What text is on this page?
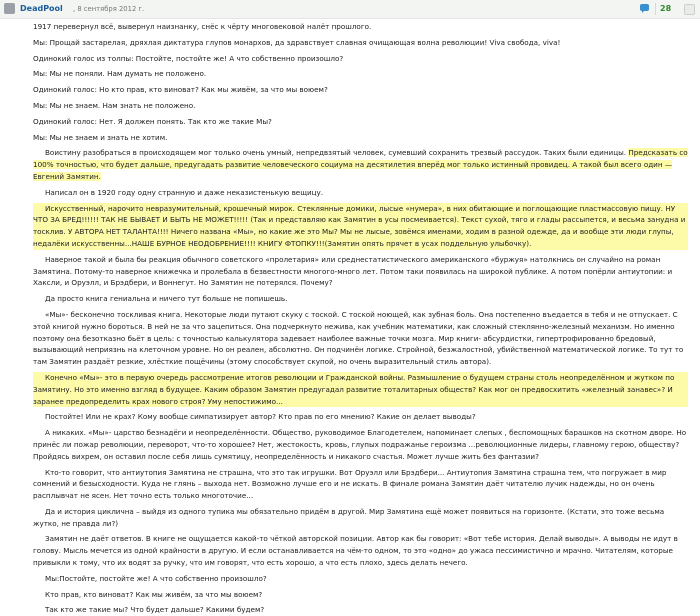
DeadPool , 8 сентября 2012 г.	28

1917 перевернул всё, вывернул наизнанку, снёс к чёрту многовековой налёт прошлого.

Мы: Прощай застарелая, дряхлая диктатура глупов монархов, да здравствует славная очищающая волна революции! Viva свобода, viva!

Одинокий голос из толпы: Постойте, постойте же! А что собственно произошло?

Мы: Мы не поняли. Нам думать не положено.

Одинокий голос: Но кто прав, кто виноват? Как мы живём, за что мы воюем?

Мы: Мы не знаем. Нам знать не положено.

Одинокий голос: Нет. Я должен понять. Так кто же такие Мы?

Мы: Мы не знаем и знать не хотим.

Воистину разобраться в происходящем мог только очень умный, непредвзятый человек, сумевший сохранить трезвый рассудок. Таких были единицы. Предсказать со 100% точностью, что будет дальше, предугадать развитие человеческого социума на десятилетия вперёд мог только истинный провидец. А такой был всего один — Евгений Замятин.

Написал он в 1920 году одну странную и даже неказистенькую вещицу.

Искусственный, нарочито невразумительный, крошечный мирок. Стеклянные домики, лысые «нумера», в них обитающие и поглощающие пластмассовую пищу. НУ ЧТО ЗА БРЕД!!!!!! ТАК НЕ БЫВАЕТ И БЫТЬ НЕ МОЖЕТ!!!!! (Так и представляю как Замятин в усы посмеивается). Текст сухой, тяго и глады рассыпется, и весьма занудна и тосклив. У АВТОРА НЕТ ТАЛАНТА!!!! Ничего названа «Мы», но какие же это Мы? Мы не лысые, зовёмся именами, ходим в разной одежде, да и вообще эти люди глупы, недалёки искусственны...НАШЕ БУРНОЕ НЕОДОБРЕНИЕ!!!! КНИГУ ФТОПКУ!!!(Замятин опять прячет в усах поддельную улыбочку).

Наверное такой и была бы реакция обычного советского «пролетария» или среднестатистического американского «буржуя» натолкнись он случайно на роман Замятина. Потому-то наверное книжечка и пролебала в безвестности многого-много лет. Потом таки появилась на широкой публике. А потом попёрли антиутопии: и Хаксли, и Оруэлл, и Брэдбери, и Воннегут. Но Замятин не потерялся. Почему?

Да просто книга гениальна и ничего тут больше не попишешь.

«Мы»- бесконечно тоскливая книга. Некоторые люди путают скуку с тоской. С тоской ноющей, как зубная боль. Она постепенно въедается в тебя и не отпускает. С этой книгой нужно бороться. В ней не за что зацепиться. Она подчеркнуто нежива, как учебник математики, как сложный стеклянно-железный механизм. Но именно поэтому она безотказно бьёт в цель: с точностью калькулятора задевает наиболее важные точки мозга. Мир книги- абсурдистки, гипертрофированно бредовый, вызывающий неприязнь на клеточном уровне. Но он реален, абсолютно. Он подчинён логике. Стройной, безжалостной, убийственной математической логике. То тут то там Замятин раздаёт резкие, хлёсткие пощёчины (этому способствует скупой, но очень выразительный стиль автора).

Конечно «Мы»- это в первую очередь рассмотрение итогов революции и Гражданской войны. Размышление о будущем страны столь неопределённом и жутком по Замятину. Но это именно взгляд в будущее. Каким образом Замятин предугадал развитие тоталитарных обществ? Как мог он предвосхитить «железный занавес»? И заранее предопределить крах нового строя? Уму непостижимо...

Постойте! Или не крах? Кому вообще симпатизирует автор? Кто прав по его мнению? Какие он делает выводы?

А никаких. «Мы»- царство безнадёги и неопределённости. Общество, руководимое Благодетелем, напоминает слепых , беспомощных барашков на скотном дворе. Но принёс ли пожар революции, переворот, что-то хорошее? Нет, жестокость, кровь, глупых подражанье героизма ...революционные лидеры, главному герою, обществу? Пройдясь вихрем, он оставил после себя лишь сумятицу, неопределённость и никакого счастья. Может лучше жить без фантазии?

Кто-то говорит, что антиутопия Замятина не страшна, что это так игрушки. Вот Оруэлл или Брэдбери... Антиутопия Замятина страшна тем, что погружает в мир сомнений и безысходности. Куда не глянь – выхода нет. Возможно лучше его и не искать. В финале романа Замятин даёт читателю лучик надежды, но он очень расплывчат не ясен. Нет точно есть только многоточие...

Да и история циклична – выйдя из одного тупика мы обязательно придём в другой. Мир Замятина ещё может появиться на горизонте. (Кстати, это тоже весьма жутко, не правда ли?)

Замятин не даёт ответов. В книге не ощущается какой-то чёткой авторской позиции. Автор как бы говорит: «Вот тебе история. Делай выводы». А выводы не идут в голову. Мысль мечется из одной крайности в другую. И если останавливается на чём-то одном, то это «одно» до ужаса пессимистично и мрачно. Читателям, которые привыкли к тому, что их водят за ручку, что им говорят, что есть хорошо, а что есть плохо, здесь делать нечего.

Мы:Постойте, постойте же! А что собственно произошло?

Кто прав, кто виноват? Как мы живём, за что мы воюем?

Так кто же такие мы? Что будет дальше? Какими будем?
